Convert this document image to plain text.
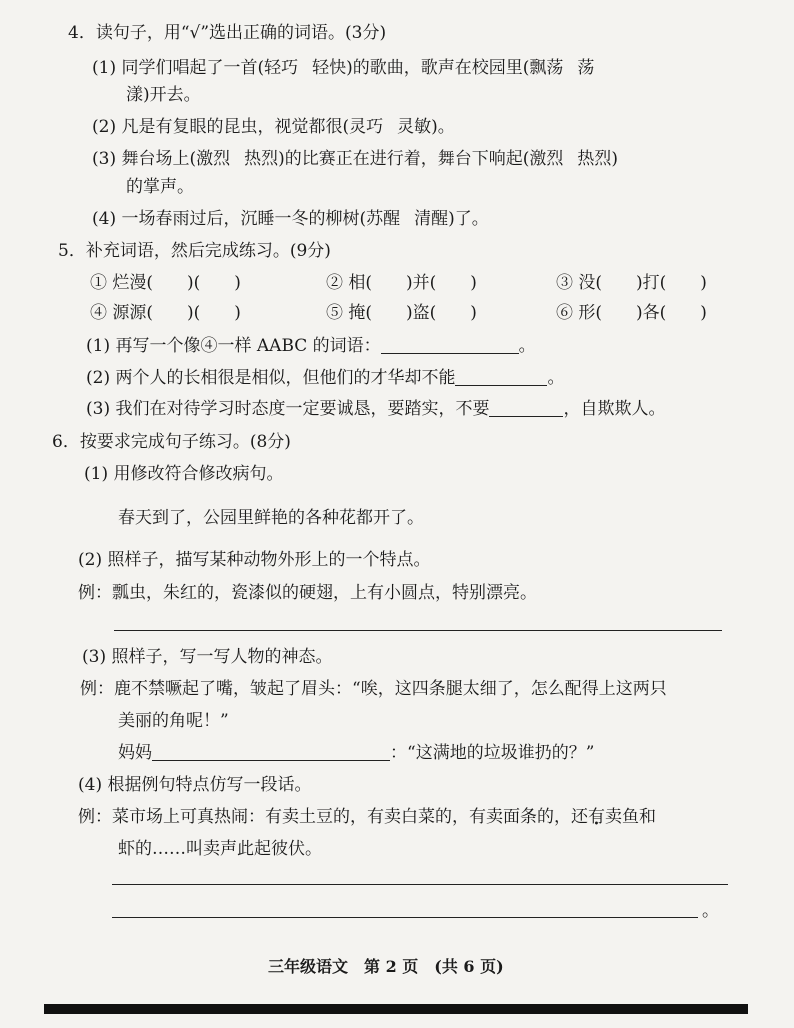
4．读句子，用“√”选出正确的词语。(3分)
(1) 同学们唱起了一首(轻巧 轻快)的歌曲，歌声在校园里(飘荡 荡
漾)开去。
(2) 凡是有复眼的昆虫，视觉都很(灵巧 灵敏)。
(3) 舞台场上(激烈 热烈)的比赛正在进行着，舞台下响起(激烈 热烈)
的掌声。
(4) 一场春雨过后，沉睡一冬的柳树(苏醒 清醒)了。
5．补充词语，然后完成练习。(9分)
① 烂漫(　　)(　　)	② 相(　　)并(　　)	③ 没(　　)打(　　)
④ 源源(　　)(　　)	⑤ 掩(　　)盗(　　)	⑥ 形(　　)各(　　)
(1) 再写一个像④一样 AABC 的词语：	。
(2) 两个人的长相很是相似，但他们的才华却不能	。
(3) 我们在对待学习时态度一定要诚恳，要踏实，不要	，自欺欺人。
6．按要求完成句子练习。(8分)
(1) 用修改符合修改病句。
春天到了，公园里鲜艳的各种花都开了。
(2) 照样子，描写某种动物外形上的一个特点。
例：瓢虫，朱红的，瓷漆似的硬翅，上有小圆点，特别漂亮。
(3) 照样子，写一写人物的神态。
例：鹿不禁噘起了嘴，皱起了眉头：“唉，这四条腿太细了，怎么配得上这两只
美丽的角呢！”
妈妈	：“这满地的垃圾谁扔的？”
(4) 根据例句特点仿写一段话。
例：菜市场上可真热闹：有卖土豆的，有卖白菜的，有卖面条的，还有卖鱼和
虾的……叫卖声此起彼伏。
。
三年级语文　第 2 页　(共 6 页)
